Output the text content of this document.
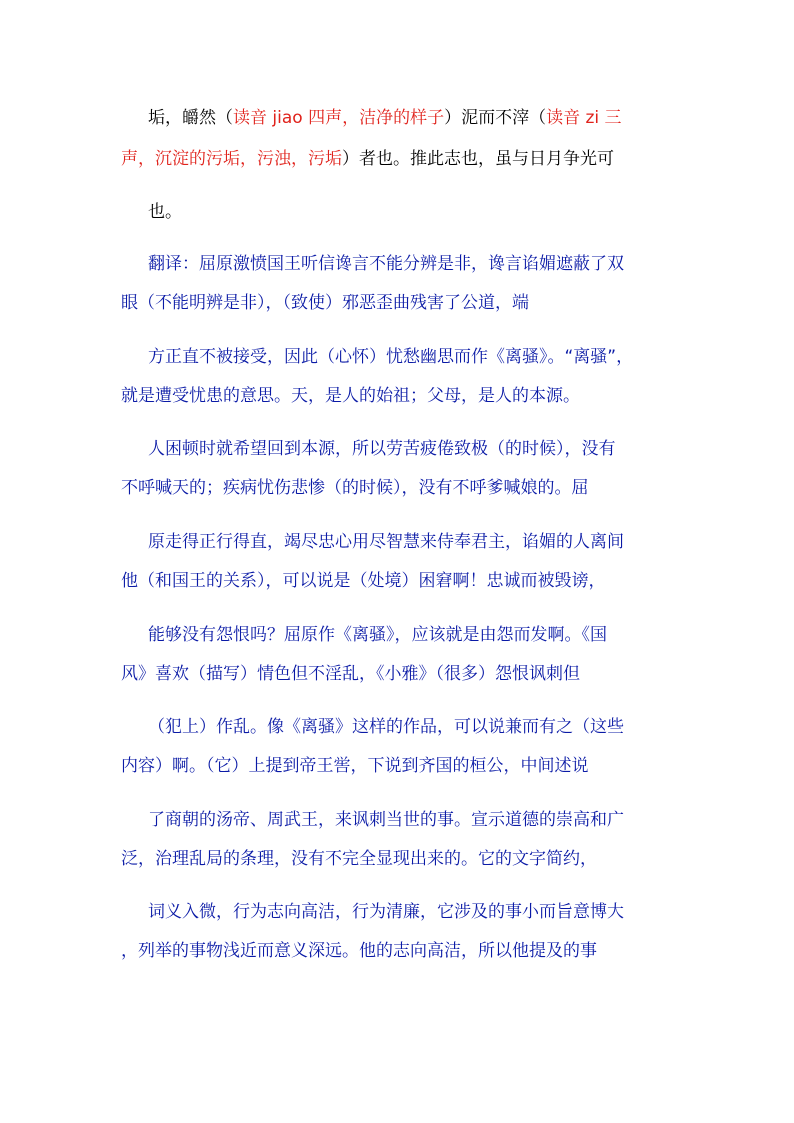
垢，皭然（读音 jiao 四声，洁净的样子）泥而不滓（读音 zi 三
声，沉淀的污垢，污浊，污垢）者也。推此志也，虽与日月争光可
也。
翻译：屈原激愤国王听信谗言不能分辨是非，谗言谄媚遮蔽了双
眼（不能明辨是非），（致使）邪恶歪曲残害了公道，端
方正直不被接受，因此（心怀）忧愁幽思而作《离骚》。“离骚”，
就是遭受忧患的意思。天，是人的始祖；父母，是人的本源。
人困顿时就希望回到本源，所以劳苦疲倦致极（的时候），没有
不呼喊天的；疾病忧伤悲惨（的时候），没有不呼爹喊娘的。屈
原走得正行得直，竭尽忠心用尽智慧来侍奉君主，谄媚的人离间
他（和国王的关系），可以说是（处境）困窘啊！忠诚而被毁谤，
能够没有怨恨吗？屈原作《离骚》，应该就是由怨而发啊。《国
风》喜欢（描写）情色但不淫乱，《小雅》（很多）怨恨讽刺但
（犯上）作乱。像《离骚》这样的作品，可以说兼而有之（这些
内容）啊。（它）上提到帝王喾，下说到齐国的桓公，中间述说
了商朝的汤帝、周武王，来讽刺当世的事。宣示道德的崇高和广
泛，治理乱局的条理，没有不完全显现出来的。它的文字简约，
词义入微，行为志向高洁，行为清廉，它涉及的事小而旨意博大
，列举的事物浅近而意义深远。他的志向高洁，所以他提及的事
